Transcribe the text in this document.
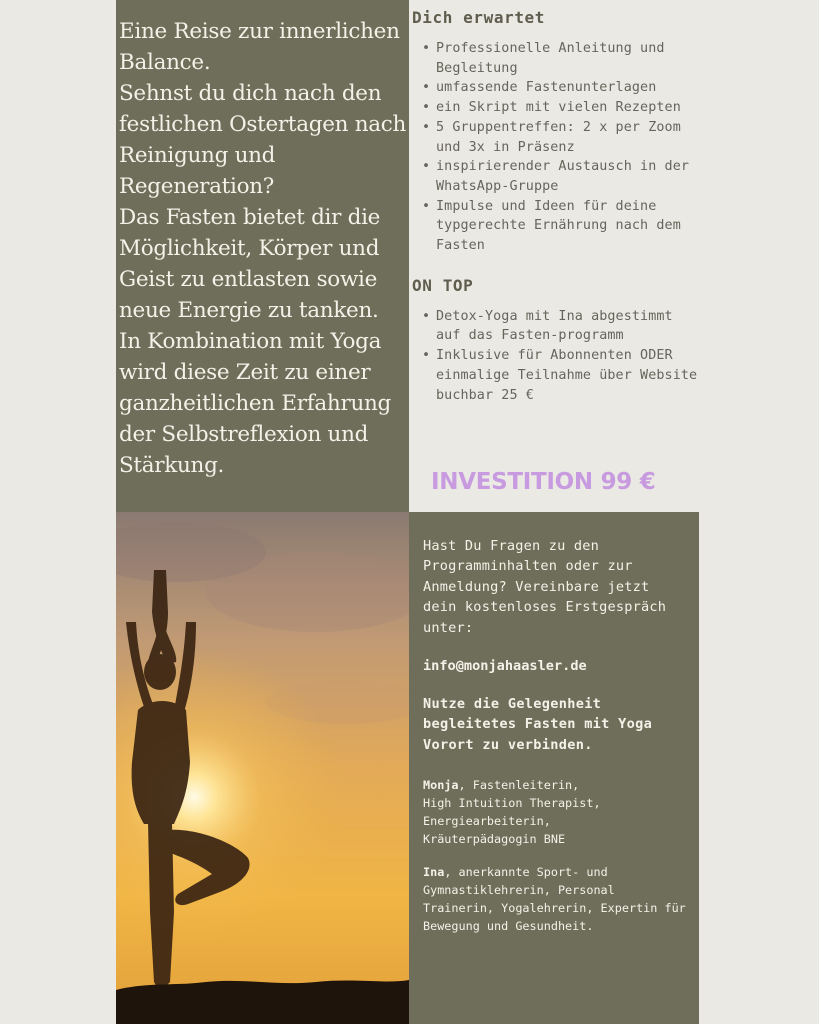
Eine Reise zur innerlichen Balance.
Sehnst du dich nach den festlichen Ostertagen nach Reinigung und Regeneration?
Das Fasten bietet dir die Möglichkeit, Körper und Geist zu entlasten sowie neue Energie zu tanken.
In Kombination mit Yoga wird diese Zeit zu einer ganzheitlichen Erfahrung der Selbstreflexion und Stärkung.

Dich erwartet
• Professionelle Anleitung und Begleitung
• umfassende Fastenunterlagen
• ein Skript mit vielen Rezepten
• 5 Gruppentreffen: 2 x per Zoom und 3x in Präsenz
• inspirierender Austausch in der WhatsApp-Gruppe
• Impulse und Ideen für deine typgerechte Ernährung nach dem Fasten
ON TOP
• Detox-Yoga mit Ina abgestimmt auf das Fasten-programm
• Inklusive für Abonnenten ODER einmalige Teilnahme über Website buchbar 25 €

INVESTITION 99 €

Hast Du Fragen zu den Programminhalten oder zur Anmeldung? Vereinbare jetzt dein kostenloses Erstgespräch unter:

info@monjahaasler.de

Nutze die Gelegenheit begleitetes Fasten mit Yoga Vorort zu verbinden.

Monja, Fastenleiterin,
High Intuition Therapist,
Energiearbeiterin,
Kräuterpädagogin BNE

Ina, anerkannte Sport- und Gymnastiklehrerin, Personal Trainerin, Yogalehrerin, Expertin für Bewegung und Gesundheit.
